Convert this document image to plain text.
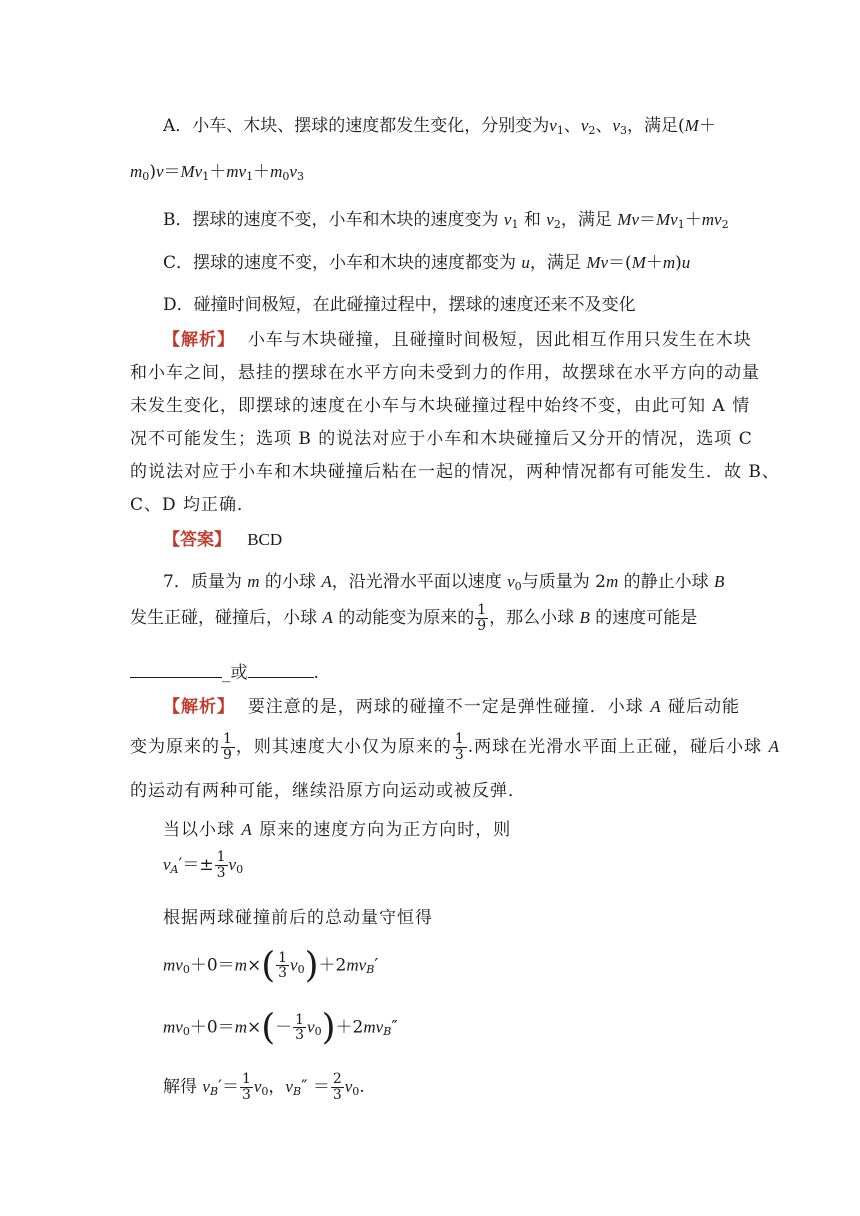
A．小车、木块、摆球的速度都发生变化，分别变为$v_1$、$v_2$、$v_3$，满足(M＋
$m_0)v=Mv_1+mv_1+m_0v_3$
B．摆球的速度不变，小车和木块的速度变为 $v_1$ 和 $v_2$，满足 $Mv=Mv_1+mv_2$
C．摆球的速度不变，小车和木块的速度都变为 u，满足 Mv＝(M＋m)u
D．碰撞时间极短，在此碰撞过程中，摆球的速度还来不及变化
【解析】 小车与木块碰撞，且碰撞时间极短，因此相互作用只发生在木块
和小车之间，悬挂的摆球在水平方向未受到力的作用，故摆球在水平方向的动量
未发生变化，即摆球的速度在小车与木块碰撞过程中始终不变，由此可知 A 情
况不可能发生；选项 B 的说法对应于小车和木块碰撞后又分开的情况，选项 C
的说法对应于小车和木块碰撞后粘在一起的情况，两种情况都有可能发生．故 B、
C、D 均正确．
【答案】 BCD
7．质量为 m 的小球 A，沿光滑水平面以速度 $v_0$与质量为 2m 的静止小球 B
发生正碰，碰撞后，小球 A 的动能变为原来的 $\frac{1}{9}$ ，那么小球 B 的速度可能是
_或	.
【解析】 要注意的是，两球的碰撞不一定是弹性碰撞．小球 A 碰后动能
变为原来的 $\frac{1}{9}$ ，则其速度大小仅为原来的 $\frac{1}{3}$ .两球在光滑水平面上正碰，碰后小球 A
的运动有两种可能，继续沿原方向运动或被反弹．
当以小球 A 原来的速度方向为正方向时，则
$v_A'=\pm \frac{1}{3} v_0$
根据两球碰撞前后的总动量守恒得
$mv_0+0=m\times( \frac{1}{3} v_0)+2mv_B'$
$mv_0+0=m\times(- \frac{1}{3} v_0)+2mv_B''$
解得 $v_B'= \frac{1}{3} v_0$，$v_B'' = \frac{2}{3} v_0$.
